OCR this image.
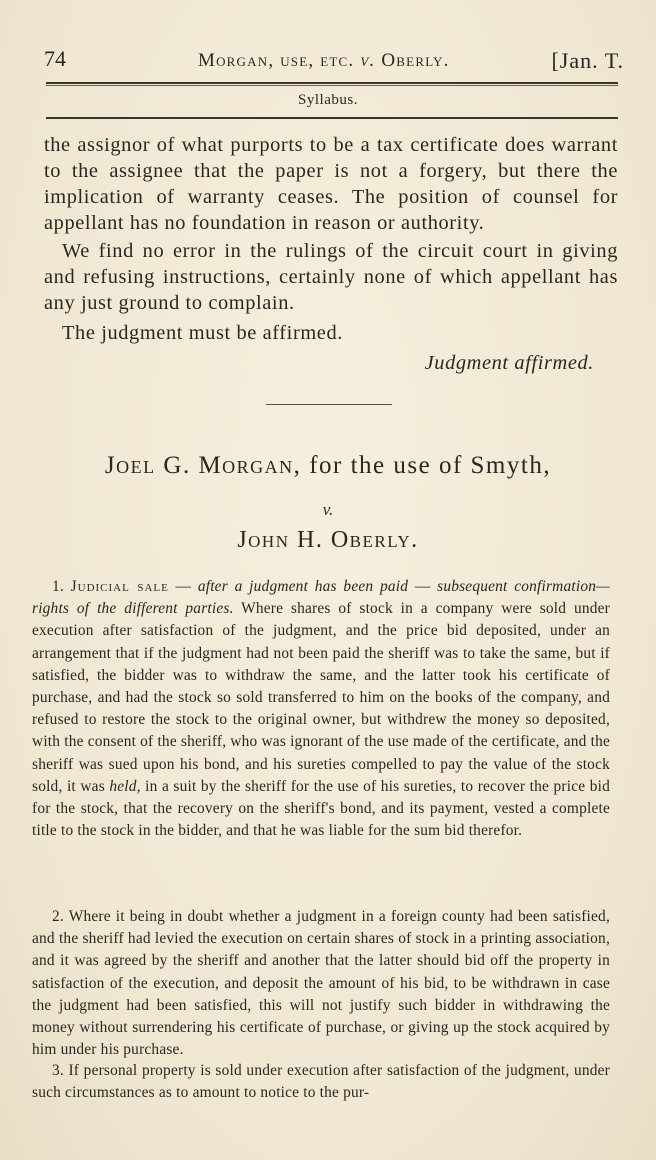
74	Morgan, use, etc. v. Oberly.	[Jan. T.
Syllabus.

the assignor of what purports to be a tax certificate does warrant to the assignee that the paper is not a forgery, but there the implication of warranty ceases. The position of counsel for appellant has no foundation in reason or authority.

We find no error in the rulings of the circuit court in giving and refusing instructions, certainly none of which appellant has any just ground to complain.

The judgment must be affirmed.

Judgment affirmed.
Joel G. Morgan, for the use of Smyth,
v.
John H. Oberly.

1. Judicial sale — after a judgment has been paid — subsequent confirmation—rights of the different parties. Where shares of stock in a company were sold under execution after satisfaction of the judgment, and the price bid deposited, under an arrangement that if the judgment had not been paid the sheriff was to take the same, but if satisfied, the bidder was to withdraw the same, and the latter took his certificate of purchase, and had the stock so sold transferred to him on the books of the company, and refused to restore the stock to the original owner, but withdrew the money so deposited, with the consent of the sheriff, who was ignorant of the use made of the certificate, and the sheriff was sued upon his bond, and his sureties compelled to pay the value of the stock sold, it was held, in a suit by the sheriff for the use of his sureties, to recover the price bid for the stock, that the recovery on the sheriff's bond, and its payment, vested a complete title to the stock in the bidder, and that he was liable for the sum bid therefor.

2. Where it being in doubt whether a judgment in a foreign county had been satisfied, and the sheriff had levied the execution on certain shares of stock in a printing association, and it was agreed by the sheriff and another that the latter should bid off the property in satisfaction of the execution, and deposit the amount of his bid, to be withdrawn in case the judgment had been satisfied, this will not justify such bidder in withdrawing the money without surrendering his certificate of purchase, or giving up the stock acquired by him under his purchase.

3. If personal property is sold under execution after satisfaction of the judgment, under such circumstances as to amount to notice to the pur-
